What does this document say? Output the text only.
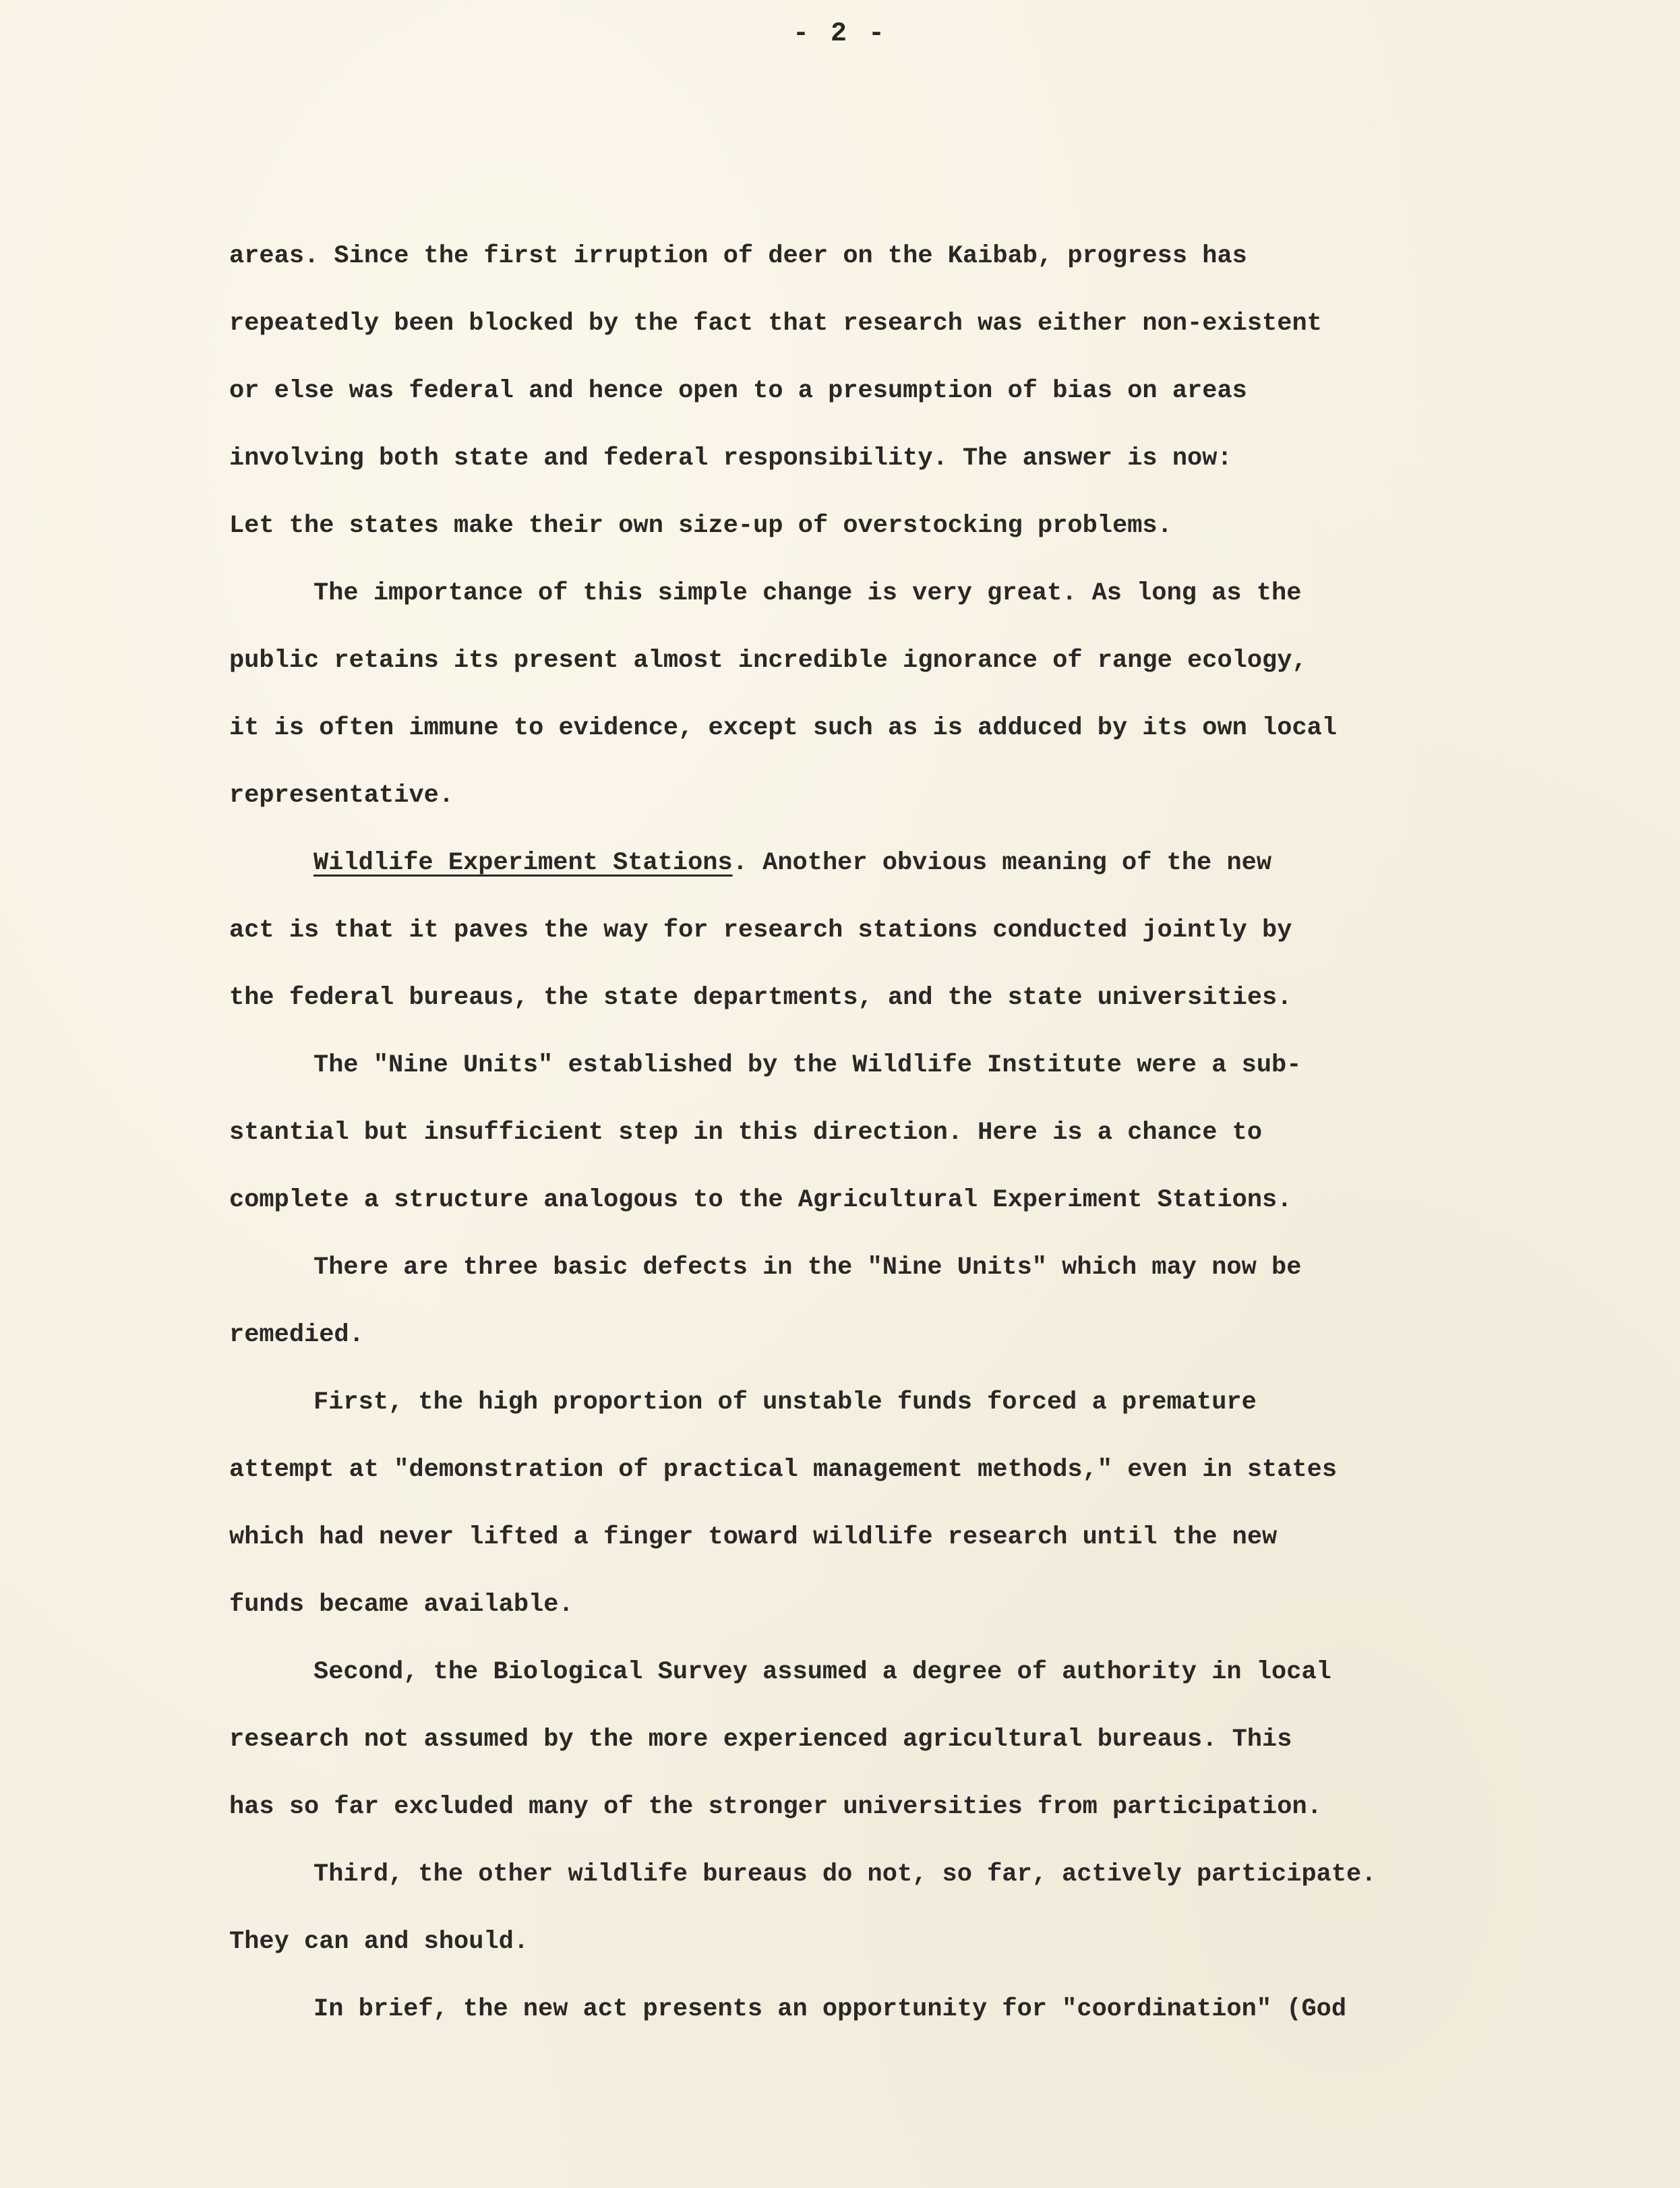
- 2 -
areas. Since the first irruption of deer on the Kaibab, progress has
repeatedly been blocked by the fact that research was either non-existent
or else was federal and hence open to a presumption of bias on areas
involving both state and federal responsibility. The answer is now:
Let the states make their own size-up of overstocking problems.
The importance of this simple change is very great. As long as the
public retains its present almost incredible ignorance of range ecology,
it is often immune to evidence, except such as is adduced by its own local
representative.
Wildlife Experiment Stations. Another obvious meaning of the new
act is that it paves the way for research stations conducted jointly by
the federal bureaus, the state departments, and the state universities.
The "Nine Units" established by the Wildlife Institute were a sub-
stantial but insufficient step in this direction. Here is a chance to
complete a structure analogous to the Agricultural Experiment Stations.
There are three basic defects in the "Nine Units" which may now be
remedied.
First, the high proportion of unstable funds forced a premature
attempt at "demonstration of practical management methods," even in states
which had never lifted a finger toward wildlife research until the new
funds became available.
Second, the Biological Survey assumed a degree of authority in local
research not assumed by the more experienced agricultural bureaus. This
has so far excluded many of the stronger universities from participation.
Third, the other wildlife bureaus do not, so far, actively participate.
They can and should.
In brief, the new act presents an opportunity for "coordination" (God
